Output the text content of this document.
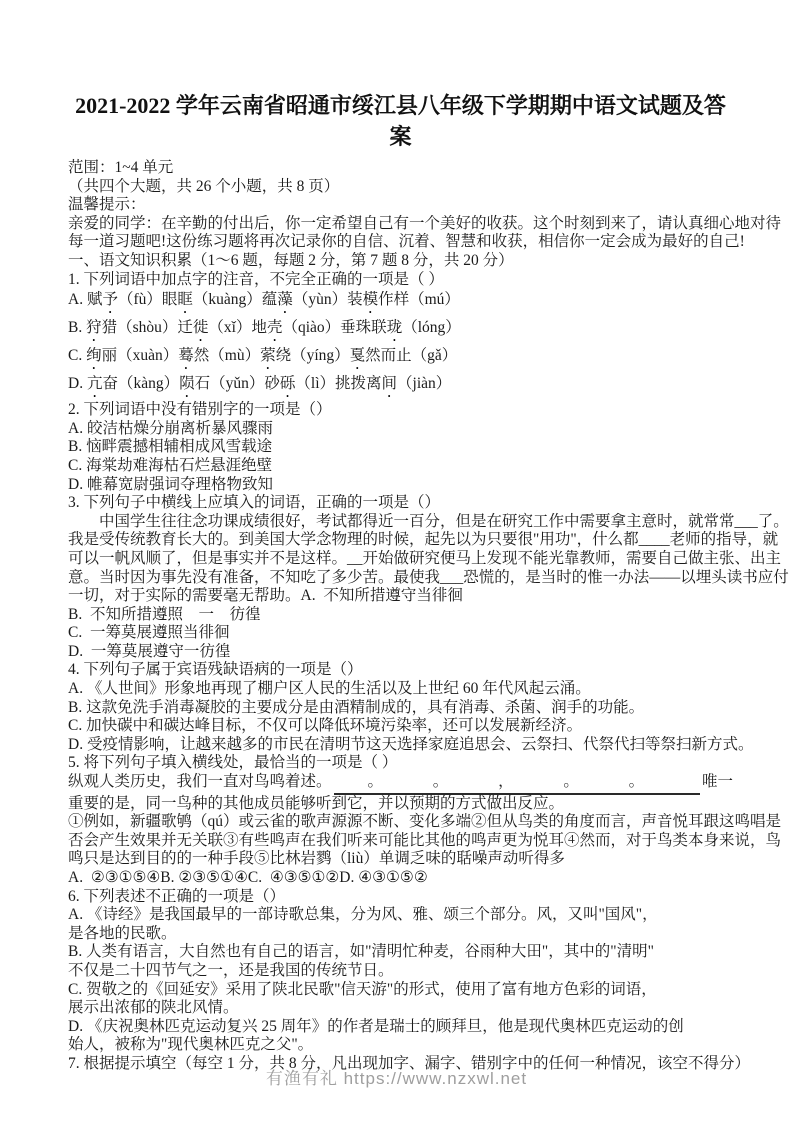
2021-2022 学年云南省昭通市绥江县八年级下学期期中语文试题及答案

范围：1~4 单元

（共四个大题，共 26 个小题，共 8 页）

温馨提示：

亲爱的同学：在辛勤的付出后，你一定希望自己有一个美好的收获。这个时刻到来了，请认真细心地对待

每一道习题吧!这份练习题将再次记录你的自信、沉着、智慧和收获，相信你一定会成为最好的自己!

一、语文知识积累（1～6 题，每题 2 分，第 7 题 8 分，共 20 分）

1. 下列词语中加点字的注音，不完全正确的一项是（ ）

A. 赋予（fù）眼眶（kuàng）蕴藻（yùn）装模作样（mú）

B. 狩猎（shòu）迁徙（xǐ）地壳（qiào）垂珠联珑（lóng）

C. 绚丽（xuàn）蓦然（mù）萦绕（yíng）戛然而止（gǎ）

D. 亢奋（kàng）陨石（yǔn）砂砾（lì）挑拨离间（jiàn）

2. 下列词语中没有错别字的一项是（）

A. 皎洁枯燥分崩离析暴风骤雨

B. 恼畔震撼相辅相成风雪载途

C. 海棠劫难海枯石烂悬涯绝壁

D. 帷幕宽尉强词夺理格物致知

3. 下列句子中横线上应填入的词语，正确的一项是（）

　　中国学生往往念功课成绩很好，考试都得近一百分，但是在研究工作中需要拿主意时，就常常___了。

我是受传统教育长大的。到美国大学念物理的时候，起先以为只要很"用功"，什么都____老师的指导，就

可以一帆风顺了，但是事实并不是这样。__开始做研究便马上发现不能光靠教师，需要自己做主张、出主

意。当时因为事先没有准备，不知吃了多少苦。最使我___恐慌的，是当时的惟一办法——以埋头读书应付

一切，对于实际的需要毫无帮助。A.  不知所措遵守当徘徊

B.  不知所措遵照　一　彷徨

C.  一筹莫展遵照当徘徊

D.  一筹莫展遵守一彷徨

4. 下列句子属于宾语残缺语病的一项是（）

A. 《人世间》形象地再现了棚户区人民的生活以及上世纪 60 年代风起云涌。

B. 这款免洗手消毒凝胶的主要成分是由酒精制成的，具有消毒、杀菌、润手的功能。

C. 加快碳中和碳达峰目标，不仅可以降低环境污染率，还可以发展新经济。

D. 受疫情影响，让越来越多的市民在清明节这天选择家庭追思会、云祭扫、代祭代扫等祭扫新方式。

5. 将下列句子填入横线处，最恰当的一项是（ ）

纵观人类历史，我们一直对鸟鸣着述。 。	。	，	。	。	唯一

重要的是，同一鸟种的其他成员能够听到它，并以预期的方式做出反应。

①例如，新疆歌鸲（qú）或云雀的歌声源源不断、变化多端②但从鸟类的角度而言，声音悦耳跟这鸣唱是

否会产生效果并无关联③有些鸣声在我们听来可能比其他的鸣声更为悦耳④然而，对于鸟类本身来说，鸟

鸣只是达到目的的一种手段⑤比林岩鹨（liù）单调乏味的聒噪声动听得多

A.  ②③①⑤④B. ②③⑤①④C.  ④③⑤①②D. ④③①⑤②

6. 下列表述不正确的一项是（）

A. 《诗经》是我国最早的一部诗歌总集，分为风、雅、颂三个部分。风，又叫"国风"，

是各地的民歌。

B. 人类有语言，大自然也有自己的语言，如"清明忙种麦，谷雨种大田"，其中的"清明"

不仅是二十四节气之一，还是我国的传统节日。

C. 贺敬之的《回延安》采用了陕北民歌"信天游"的形式，使用了富有地方色彩的词语，

展示出浓郁的陕北风情。

D. 《庆祝奥林匹克运动复兴 25 周年》的作者是瑞士的顾拜旦，他是现代奥林匹克运动的创

始人，被称为"现代奥林匹克之父"。

7. 根据提示填空（每空 1 分，共 8 分，凡出现加字、漏字、错别字中的任何一种情况，该空不得分）

有渔有礼 https://www.nzxwl.net
